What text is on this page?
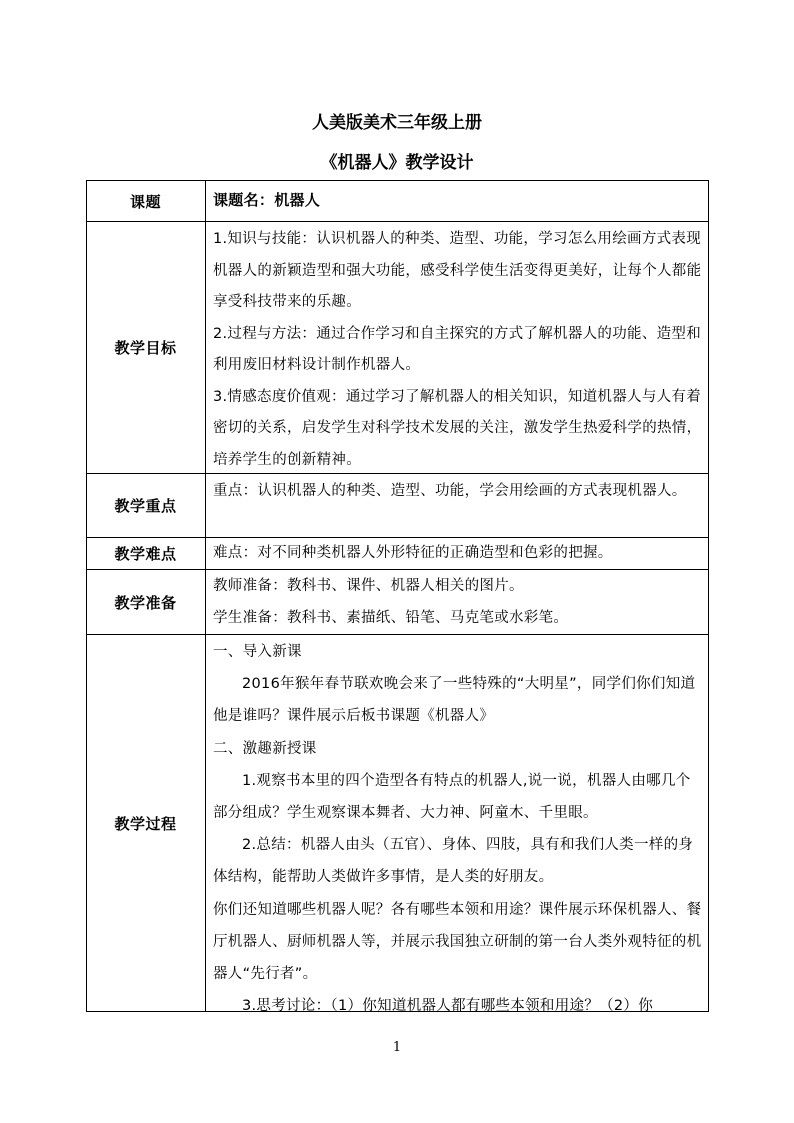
人美版美术三年级上册
《机器人》教学设计
课题	课题名：机器人
教学目标

1.知识与技能：认识机器人的种类、造型、功能，学习怎么用绘画方式表现机器人的新颖造型和强大功能，感受科学使生活变得更美好，让每个人都能享受科技带来的乐趣。

2.过程与方法：通过合作学习和自主探究的方式了解机器人的功能、造型和利用废旧材料设计制作机器人。

3.情感态度价值观：通过学习了解机器人的相关知识，知道机器人与人有着密切的关系，启发学生对科学技术发展的关注，激发学生热爱科学的热情，培养学生的创新精神。

教学重点
重点：认识机器人的种类、造型、功能，学会用绘画的方式表现机器人。
教学难点	难点：对不同种类机器人外形特征的正确造型和色彩的把握。
教学准备

教师准备：教科书、课件、机器人相关的图片。

学生准备：教科书、素描纸、铅笔、马克笔或水彩笔。

教学过程

一、导入新课

2016年猴年春节联欢晚会来了一些特殊的“大明星”，同学们你们知道他是谁吗？课件展示后板书课题《机器人》

二、激趣新授课

1.观察书本里的四个造型各有特点的机器人,说一说，机器人由哪几个部分组成？学生观察课本舞者、大力神、阿童木、千里眼。

2.总结：机器人由头（五官）、身体、四肢，具有和我们人类一样的身体结构，能帮助人类做许多事情，是人类的好朋友。

你们还知道哪些机器人呢？各有哪些本领和用途？课件展示环保机器人、餐厅机器人、厨师机器人等，并展示我国独立研制的第一台人类外观特征的机器人“先行者”。

3.思考讨论：（1）你知道机器人都有哪些本领和用途？（2）你

1
